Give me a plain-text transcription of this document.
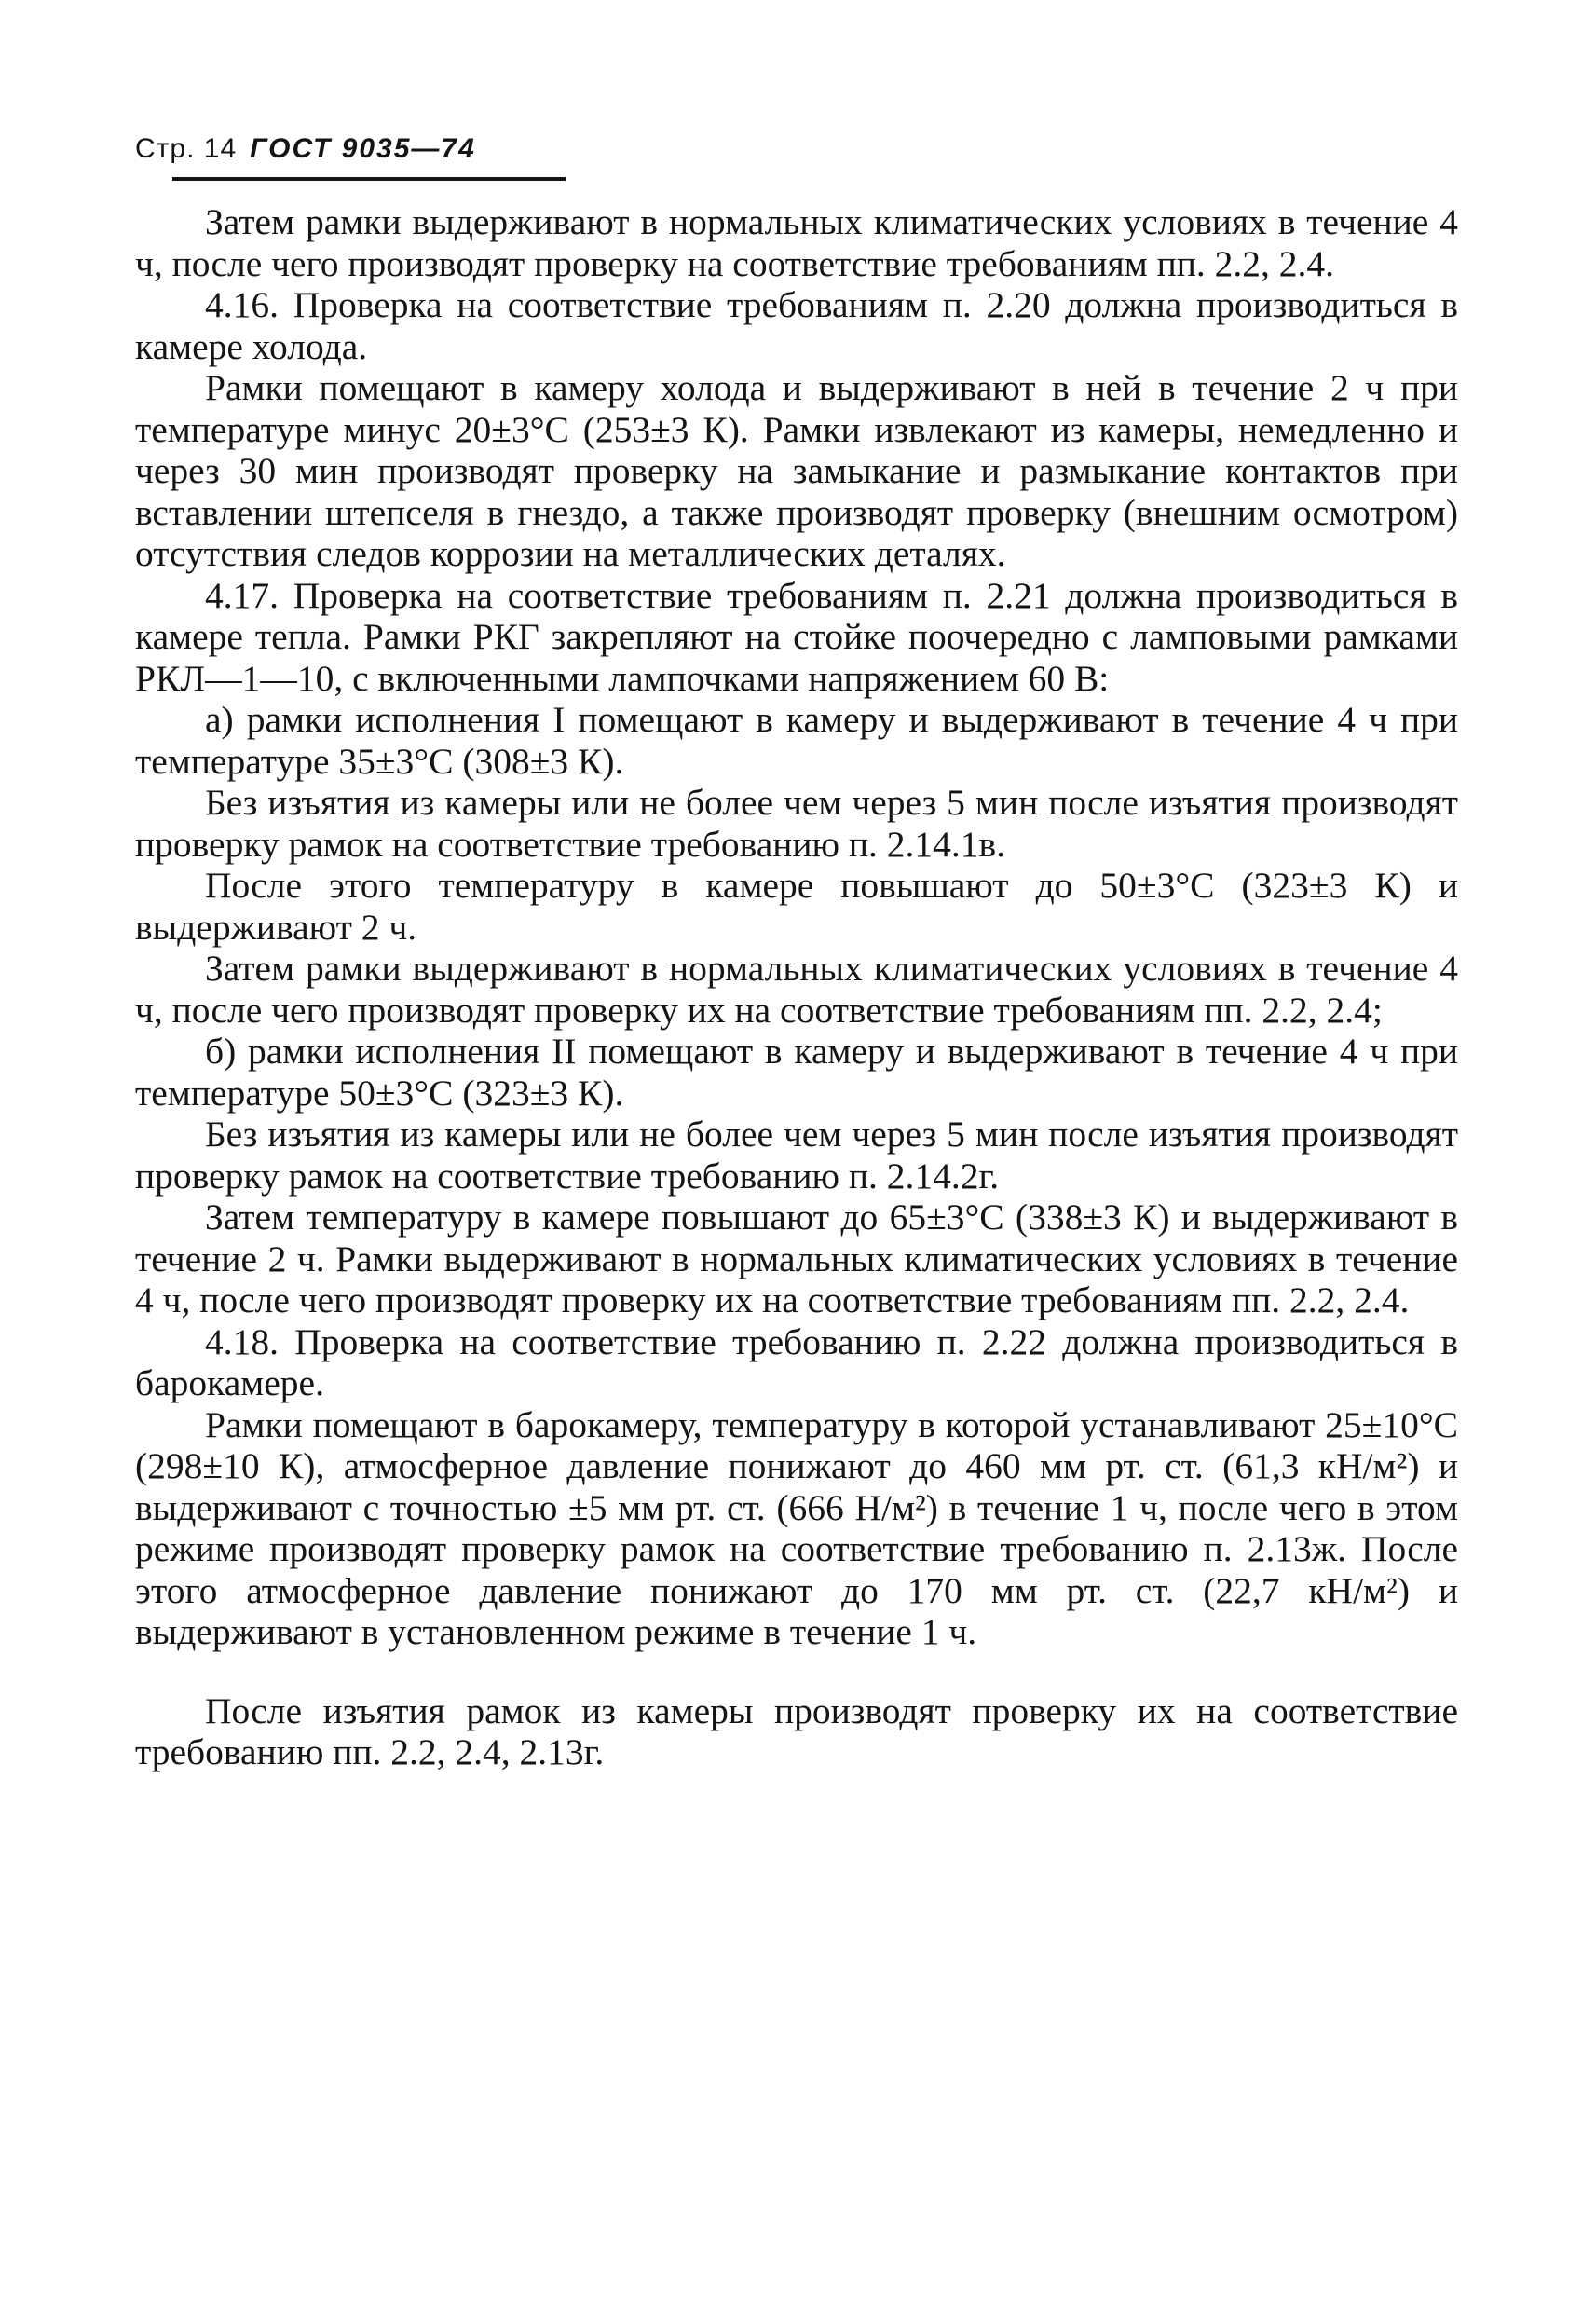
Стр. 14 ГОСТ 9035—74

Затем рамки выдерживают в нормальных климатических условиях в течение 4 ч, после чего производят проверку на соответствие требованиям пп. 2.2, 2.4.

4.16. Проверка на соответствие требованиям п. 2.20 должна производиться в камере холода.

Рамки помещают в камеру холода и выдерживают в ней в течение 2 ч при температуре минус 20±3°С (253±3 К). Рамки извлекают из камеры, немедленно и через 30 мин производят проверку на замыкание и размыкание контактов при вставлении штепселя в гнездо, а также производят проверку (внешним осмотром) отсутствия следов коррозии на металлических деталях.

4.17. Проверка на соответствие требованиям п. 2.21 должна производиться в камере тепла. Рамки РКГ закрепляют на стойке поочередно с ламповыми рамками РКЛ—1—10, с включенными лампочками напряжением 60 В:

а) рамки исполнения I помещают в камеру и выдерживают в течение 4 ч при температуре 35±3°С (308±3 К).

Без изъятия из камеры или не более чем через 5 мин после изъятия производят проверку рамок на соответствие требованию п. 2.14.1в.

После этого температуру в камере повышают до 50±3°С (323±3 К) и выдерживают 2 ч.

Затем рамки выдерживают в нормальных климатических условиях в течение 4 ч, после чего производят проверку их на соответствие требованиям пп. 2.2, 2.4;

б) рамки исполнения II помещают в камеру и выдерживают в течение 4 ч при температуре 50±3°С (323±3 К).

Без изъятия из камеры или не более чем через 5 мин после изъятия производят проверку рамок на соответствие требованию п. 2.14.2г.

Затем температуру в камере повышают до 65±3°С (338±3 К) и выдерживают в течение 2 ч. Рамки выдерживают в нормальных климатических условиях в течение 4 ч, после чего производят проверку их на соответствие требованиям пп. 2.2, 2.4.

4.18. Проверка на соответствие требованию п. 2.22 должна производиться в барокамере.

Рамки помещают в барокамеру, температуру в которой устанавливают 25±10°С (298±10 К), атмосферное давление понижают до 460 мм рт. ст. (61,3 кН/м²) и выдерживают с точностью ±5 мм рт. ст. (666 Н/м²) в течение 1 ч, после чего в этом режиме производят проверку рамок на соответствие требованию п. 2.13ж. После этого атмосферное давление понижают до 170 мм рт. ст. (22,7 кН/м²) и выдерживают в установленном режиме в течение 1 ч.

После изъятия рамок из камеры производят проверку их на соответствие требованию пп. 2.2, 2.4, 2.13г.
